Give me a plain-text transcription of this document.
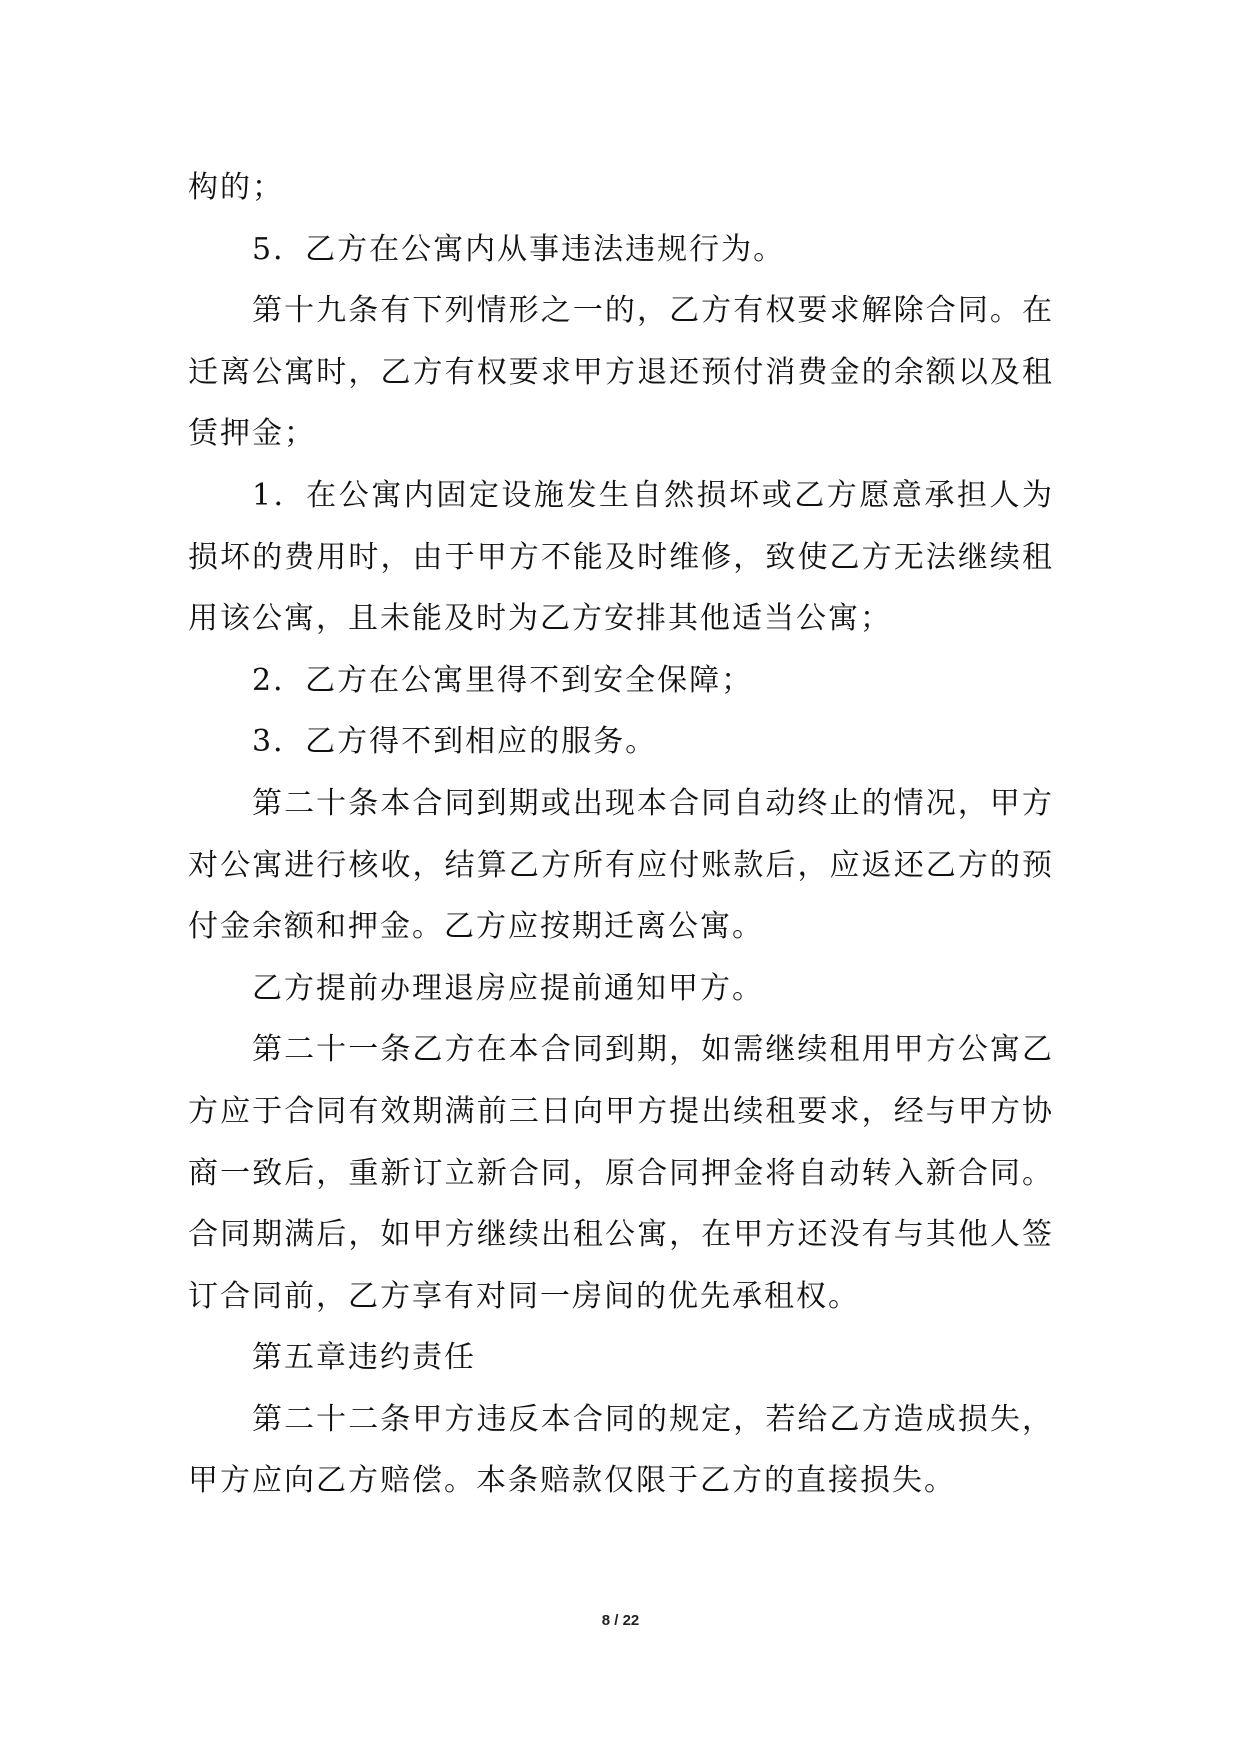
构的；

5．乙方在公寓内从事违法违规行为。

第十九条有下列情形之一的，乙方有权要求解除合同。在迁离公寓时，乙方有权要求甲方退还预付消费金的余额以及租赁押金；

1．在公寓内固定设施发生自然损坏或乙方愿意承担人为损坏的费用时，由于甲方不能及时维修，致使乙方无法继续租用该公寓，且未能及时为乙方安排其他适当公寓；

2．乙方在公寓里得不到安全保障；

3．乙方得不到相应的服务。

第二十条本合同到期或出现本合同自动终止的情况，甲方对公寓进行核收，结算乙方所有应付账款后，应返还乙方的预付金余额和押金。乙方应按期迁离公寓。

乙方提前办理退房应提前通知甲方。

第二十一条乙方在本合同到期，如需继续租用甲方公寓乙方应于合同有效期满前三日向甲方提出续租要求，经与甲方协商一致后，重新订立新合同，原合同押金将自动转入新合同。合同期满后，如甲方继续出租公寓，在甲方还没有与其他人签订合同前，乙方享有对同一房间的优先承租权。

第五章违约责任

第二十二条甲方违反本合同的规定，若给乙方造成损失，甲方应向乙方赔偿。本条赔款仅限于乙方的直接损失。

8 / 22
